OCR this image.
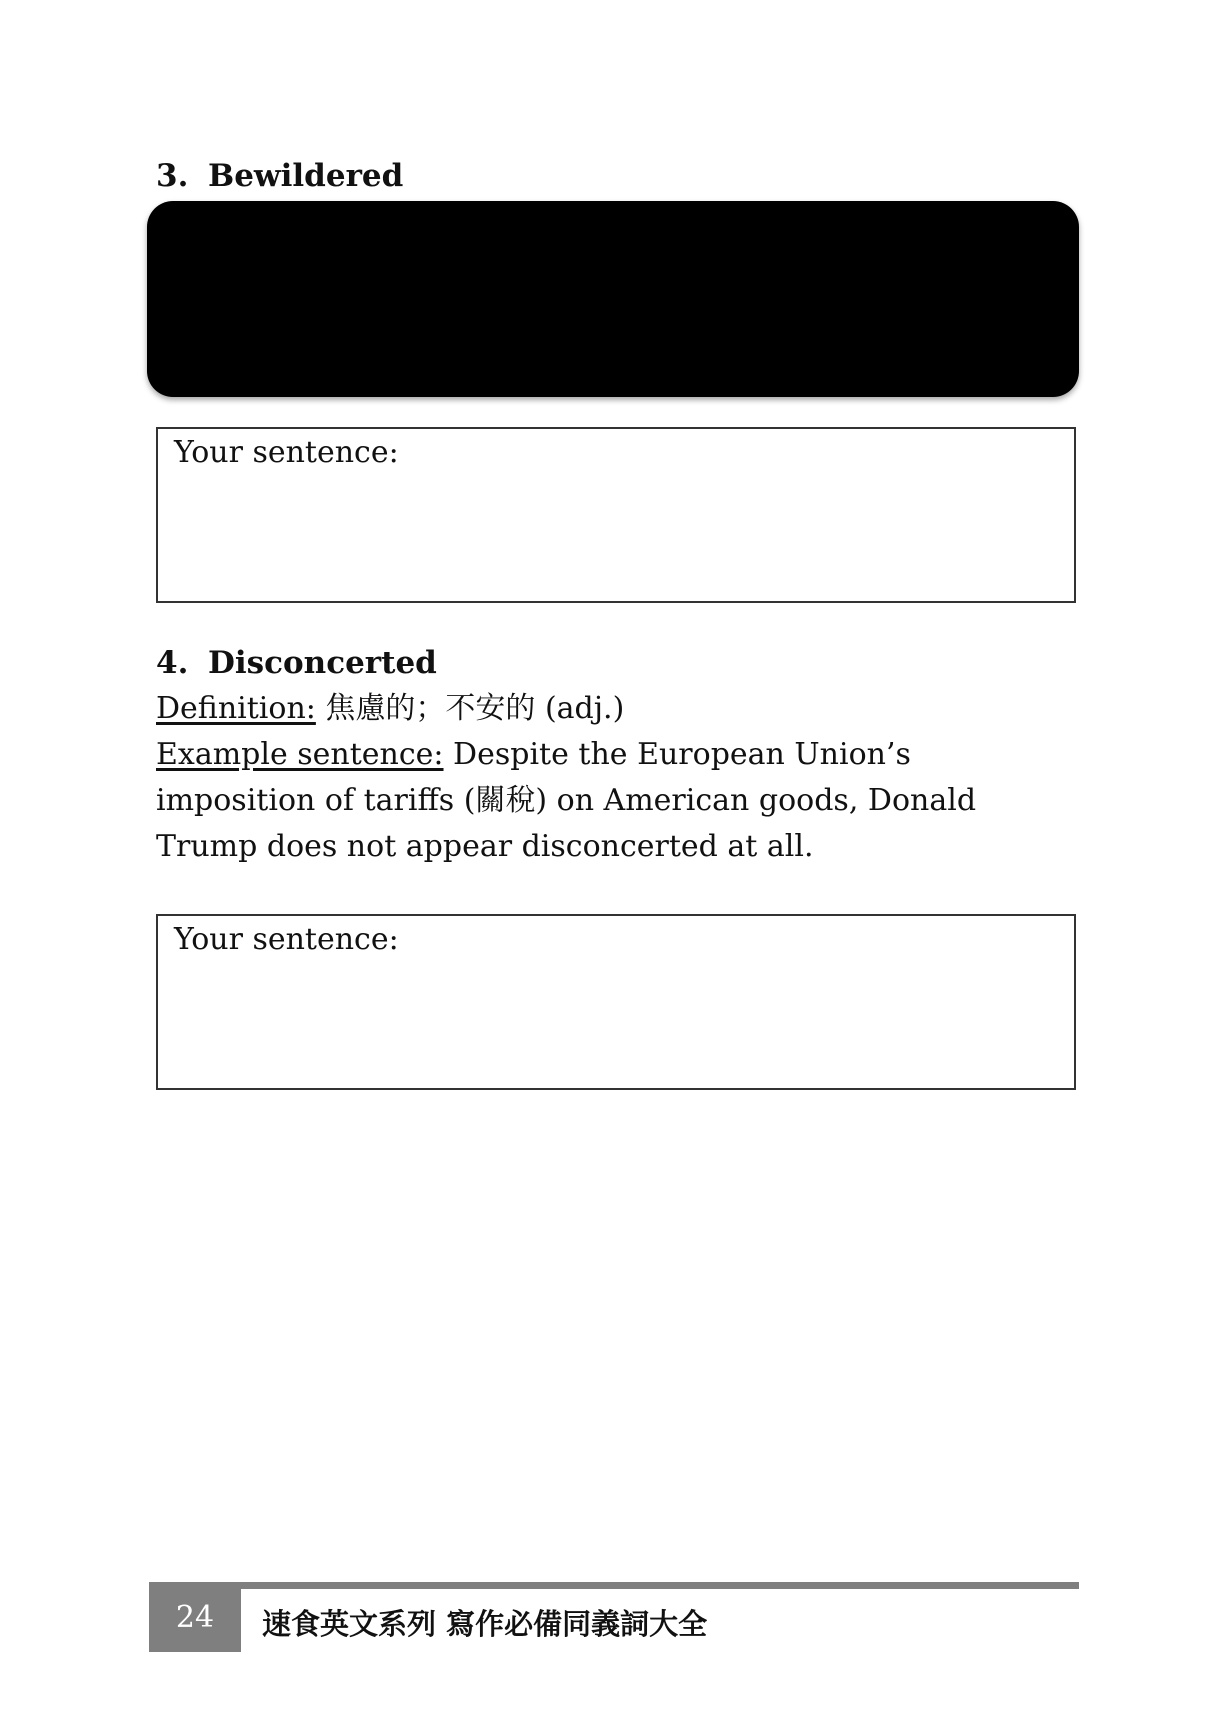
3. Bewildered
Your sentence:
4. Disconcerted

Definition: 焦慮的；不安的 (adj.)

Example sentence: Despite the European Union’s imposition of tariffs (關稅) on American goods, Donald Trump does not appear disconcerted at all.

Your sentence:
24 速食英文系列 寫作必備同義詞大全
